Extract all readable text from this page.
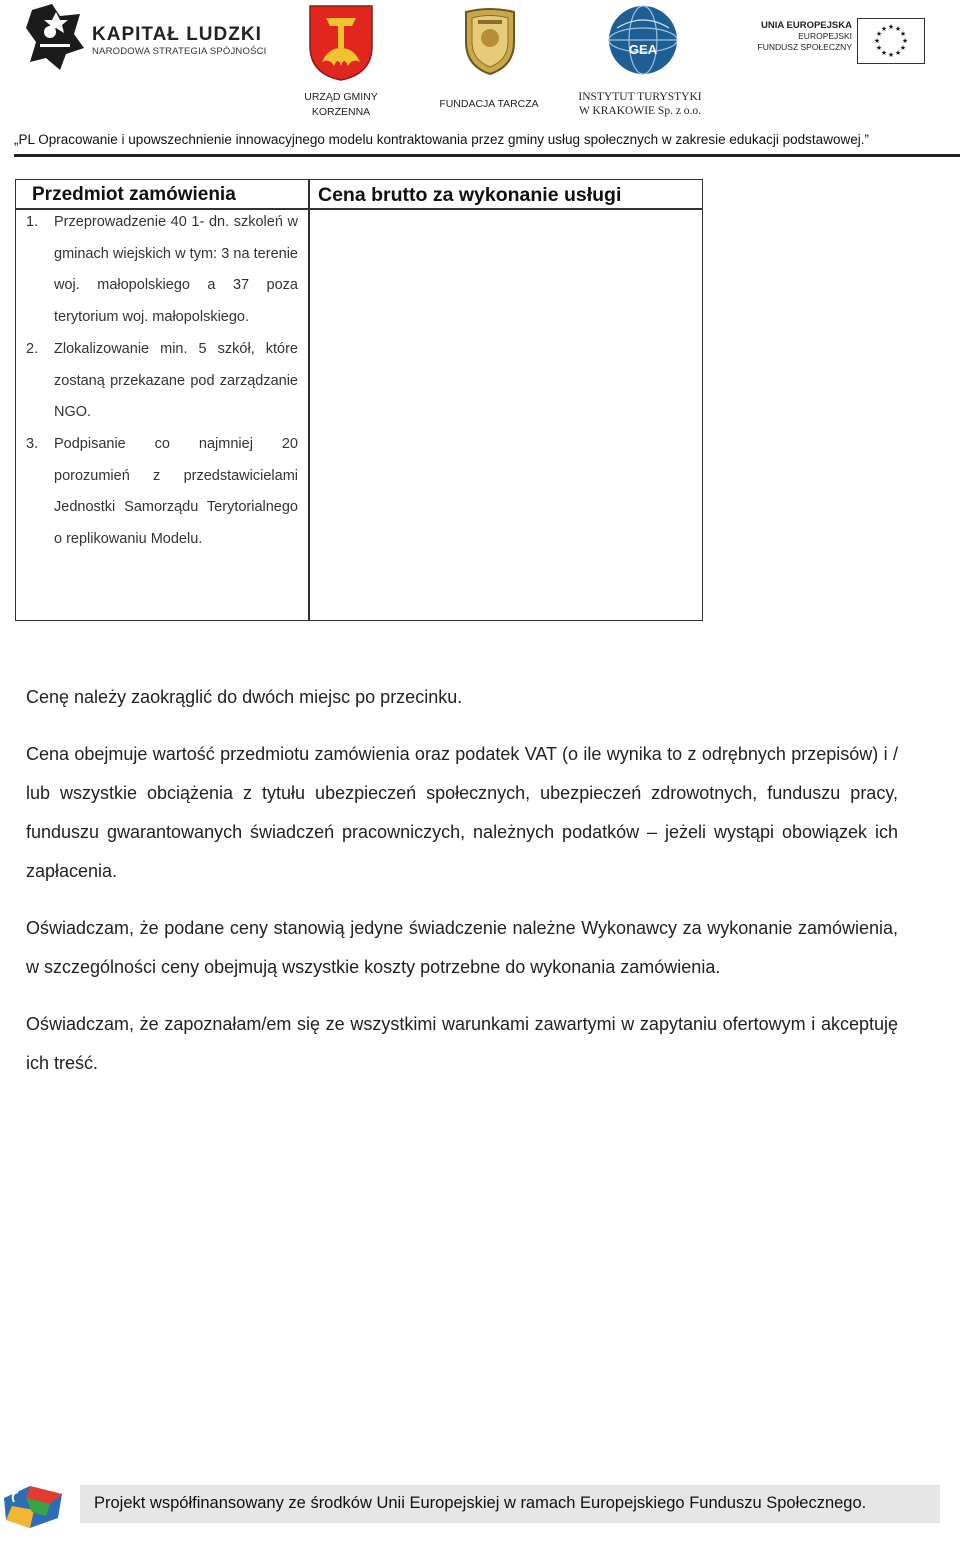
KAPITAŁ LUDZKI
NARODOWA STRATEGIA SPÓJNOŚCI	GEA
UNIA EUROPEJSKA
EUROPEJSKI
FUNDUSZ SPOŁECZNY
★ ★
★
★
★
★
★
★
★
★
★
★
URZĄD GMINY
KORZENNA
FUNDACJA TARCZA
INSTYTUT TURYSTYKI
W KRAKOWIE Sp. z o.o.
„PL Opracowanie i upowszechnienie innowacyjnego modelu kontraktowania przez gminy usług społecznych w zakresie edukacji podstawowej.”
Przedmiot zamówienia	Cena brutto za wykonanie usługi
1. Przeprowadzenie 40 1- dn. szkoleń w gminach wiejskich w tym: 3 na terenie woj. małopolskiego a 37 poza terytorium woj. małopolskiego.
2. Zlokalizowanie min. 5 szkół, które zostaną przekazane pod zarządzanie NGO.
3. Podpisanie co najmniej 20 porozumień z przedstawicielami Jednostki Samorządu Terytorialnego o replikowaniu Modelu.

Cenę należy zaokrąglić do dwóch miejsc po przecinku.

Cena obejmuje wartość przedmiotu zamówienia oraz podatek VAT (o ile wynika to z odrębnych przepisów) i / lub wszystkie obciążenia z tytułu ubezpieczeń społecznych, ubezpieczeń zdrowotnych, funduszu pracy, funduszu gwarantowanych świadczeń pracowniczych, należnych podatków – jeżeli wystąpi obowiązek ich zapłacenia.

Oświadczam, że podane ceny stanowią jedyne świadczenie należne Wykonawcy za wykonanie zamówienia, w szczególności ceny obejmują wszystkie koszty potrzebne do wykonania zamówienia.

Oświadczam, że zapoznałam/em się ze wszystkimi warunkami zawartymi w zapytaniu ofertowym i akceptuję ich treść.

Projekt współfinansowany ze środków Unii Europejskiej w ramach Europejskiego Funduszu Społecznego.
